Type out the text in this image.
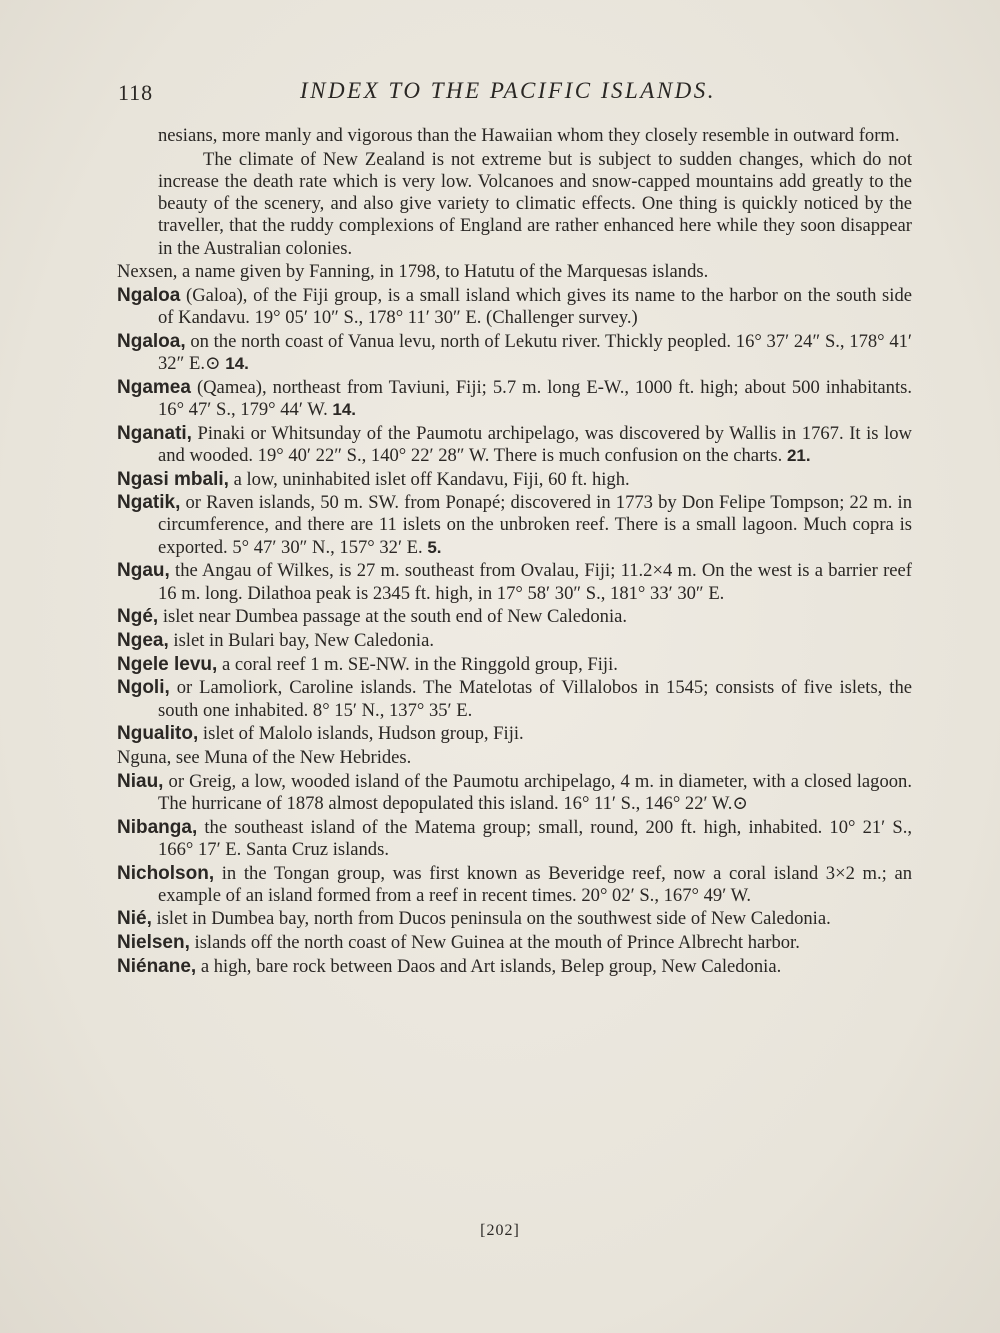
118	INDEX TO THE PACIFIC ISLANDS.

nesians, more manly and vigorous than the Hawaiian whom they closely resemble in outward form.

The climate of New Zealand is not extreme but is subject to sudden changes, which do not increase the death rate which is very low. Volcanoes and snow-capped mountains add greatly to the beauty of the scenery, and also give variety to climatic effects. One thing is quickly noticed by the traveller, that the ruddy complexions of England are rather enhanced here while they soon disappear in the Australian colonies.

Nexsen, a name given by Fanning, in 1798, to Hatutu of the Marquesas islands.

Ngaloa (Galoa), of the Fiji group, is a small island which gives its name to the harbor on the south side of Kandavu. 19° 05′ 10″ S., 178° 11′ 30″ E. (Challenger survey.)

Ngaloa, on the north coast of Vanua levu, north of Lekutu river. Thickly peopled. 16° 37′ 24″ S., 178° 41′ 32″ E.⊙ 14.

Ngamea (Qamea), northeast from Taviuni, Fiji; 5.7 m. long E-W., 1000 ft. high; about 500 inhabitants. 16° 47′ S., 179° 44′ W. 14.

Nganati, Pinaki or Whitsunday of the Paumotu archipelago, was discovered by Wallis in 1767. It is low and wooded. 19° 40′ 22″ S., 140° 22′ 28″ W. There is much confusion on the charts. 21.

Ngasi mbali, a low, uninhabited islet off Kandavu, Fiji, 60 ft. high.

Ngatik, or Raven islands, 50 m. SW. from Ponapé; discovered in 1773 by Don Felipe Tompson; 22 m. in circumference, and there are 11 islets on the unbroken reef. There is a small lagoon. Much copra is exported. 5° 47′ 30″ N., 157° 32′ E. 5.

Ngau, the Angau of Wilkes, is 27 m. southeast from Ovalau, Fiji; 11.2×4 m. On the west is a barrier reef 16 m. long. Dilathoa peak is 2345 ft. high, in 17° 58′ 30″ S., 181° 33′ 30″ E.

Ngé, islet near Dumbea passage at the south end of New Caledonia.

Ngea, islet in Bulari bay, New Caledonia.

Ngele levu, a coral reef 1 m. SE-NW. in the Ringgold group, Fiji.

Ngoli, or Lamoliork, Caroline islands. The Matelotas of Villalobos in 1545; consists of five islets, the south one inhabited. 8° 15′ N., 137° 35′ E.

Ngualito, islet of Malolo islands, Hudson group, Fiji.

Nguna, see Muna of the New Hebrides.

Niau, or Greig, a low, wooded island of the Paumotu archipelago, 4 m. in diameter, with a closed lagoon. The hurricane of 1878 almost depopulated this island. 16° 11′ S., 146° 22′ W.⊙

Nibanga, the southeast island of the Matema group; small, round, 200 ft. high, inhabited. 10° 21′ S., 166° 17′ E. Santa Cruz islands.

Nicholson, in the Tongan group, was first known as Beveridge reef, now a coral island 3×2 m.; an example of an island formed from a reef in recent times. 20° 02′ S., 167° 49′ W.

Nié, islet in Dumbea bay, north from Ducos peninsula on the southwest side of New Caledonia.

Nielsen, islands off the north coast of New Guinea at the mouth of Prince Albrecht harbor.

Niénane, a high, bare rock between Daos and Art islands, Belep group, New Caledonia.

[202]
